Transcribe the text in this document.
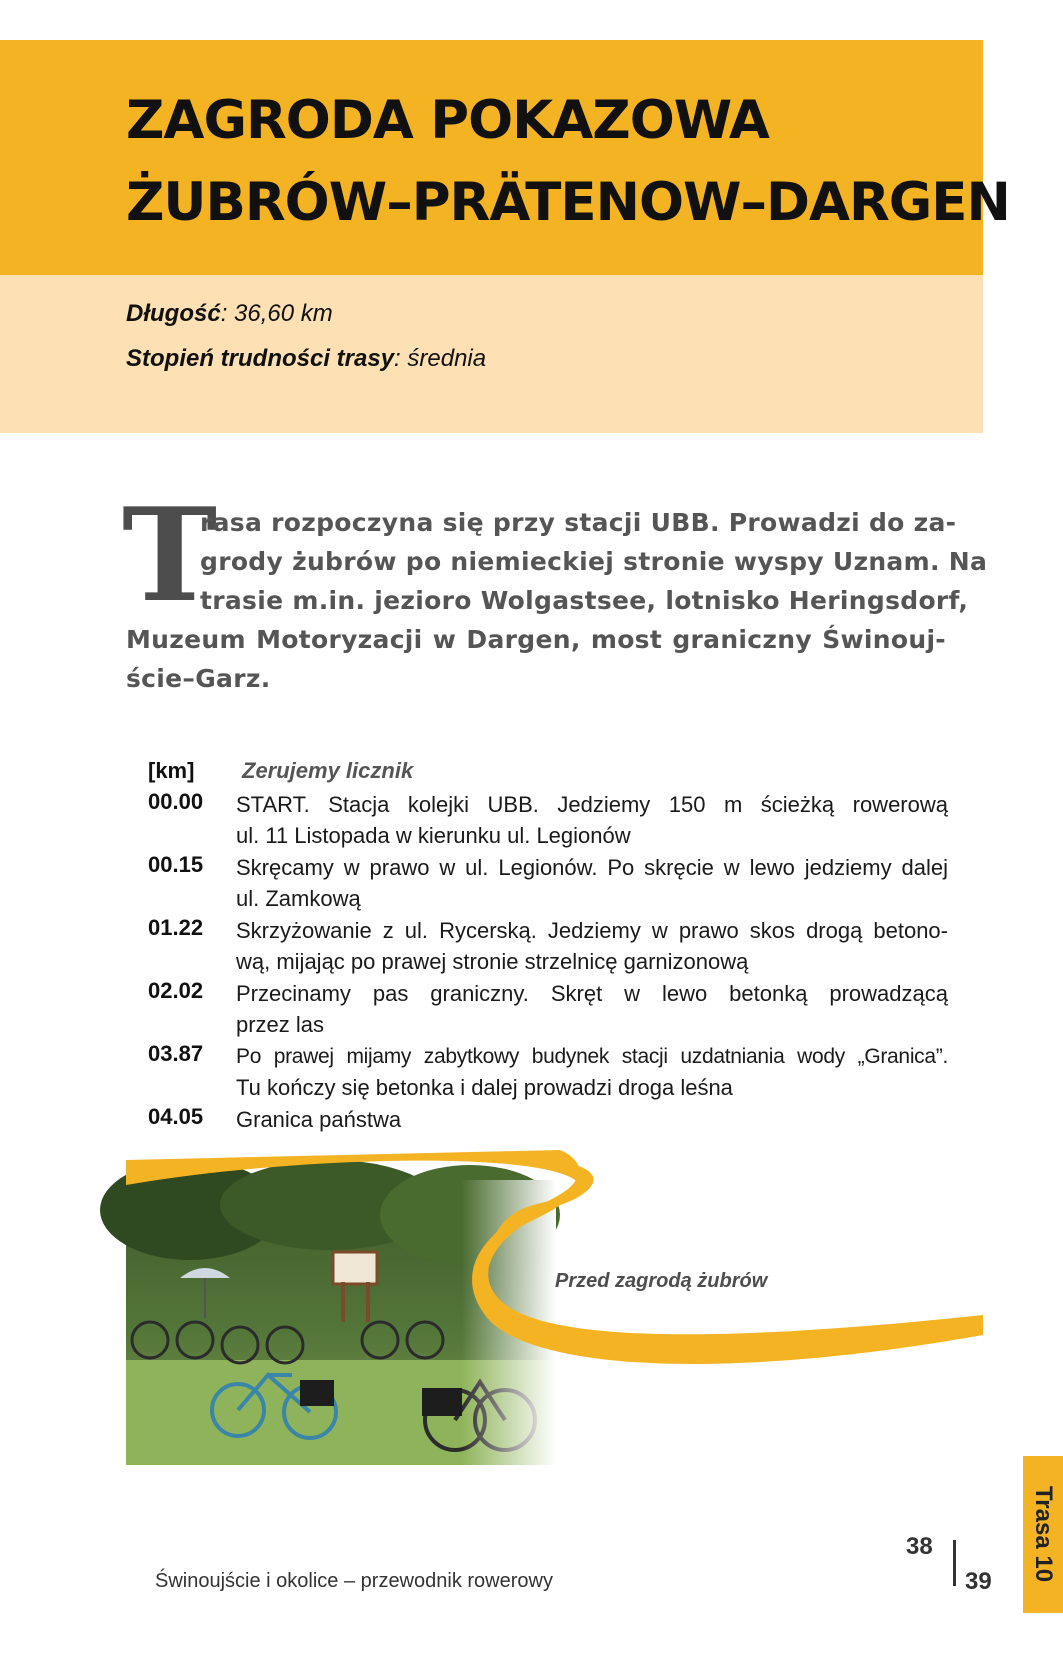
ZAGRODA POKAZOWA
ŻUBRÓW–PRÄTENOW–DARGEN
Długość: 36,60 km
Stopień trudności trasy: średnia
T
rasa rozpoczyna się przy stacji UBB. Prowadzi do za-
grody żubrów po niemieckiej stronie wyspy Uznam. Na
trasie m.in. jezioro Wolgastsee, lotnisko Heringsdorf,
Muzeum Motoryzacji w Dargen, most graniczny Świnouj-
ście–Garz.
[km] Zerujemy licznik
00.00 START. Stacja kolejki UBB. Jedziemy 150 m ścieżką rowerową
ul. 11 Listopada w kierunku ul. Legionów
00.15 Skręcamy w prawo w ul. Legionów. Po skręcie w lewo jedziemy dalej
ul. Zamkową
01.22 Skrzyżowanie z ul. Rycerską. Jedziemy w prawo skos drogą betono-
wą, mijając po prawej stronie strzelnicę garnizonową
02.02 Przecinamy pas graniczny. Skręt w lewo betonką prowadzącą
przez las
03.87 Po prawej mijamy zabytkowy budynek stacji uzdatniania wody „Granica”.
Tu kończy się betonka i dalej prowadzi droga leśna
04.05 Granica państwa
Przed zagrodą żubrów
Świnoujście i okolice – przewodnik rowerowy
38
39 Trasa 10
